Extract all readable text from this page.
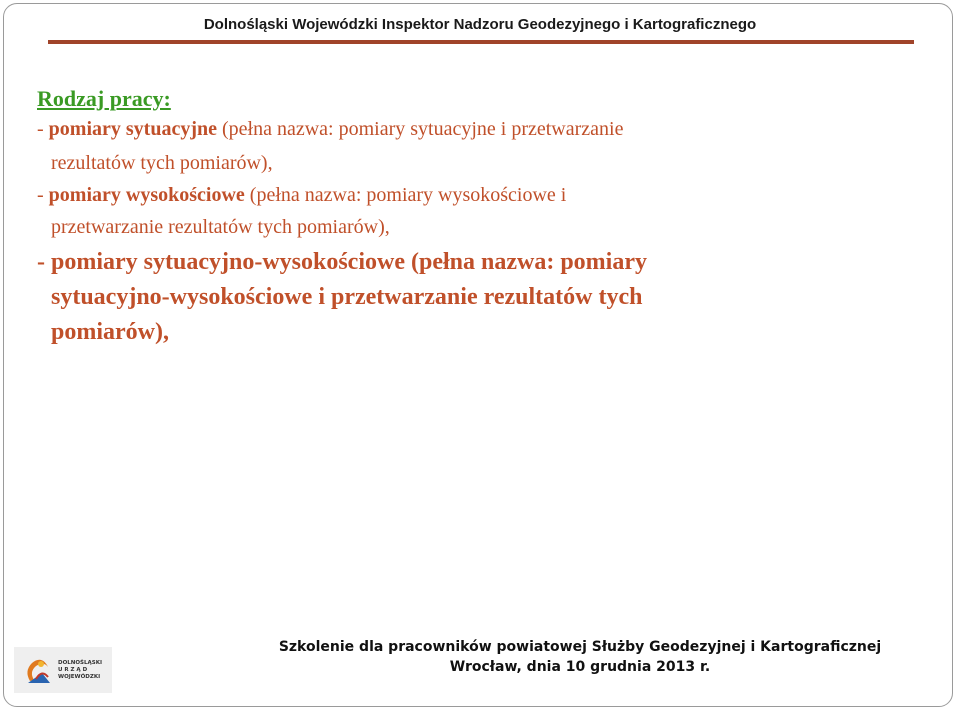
Dolnośląski Wojewódzki Inspektor Nadzoru Geodezyjnego i Kartograficznego
Rodzaj pracy:
- pomiary sytuacyjne (pełna nazwa: pomiary sytuacyjne i przetwarzanie
rezultatów tych pomiarów),
- pomiary wysokościowe (pełna nazwa: pomiary wysokościowe i
przetwarzanie rezultatów tych pomiarów),
- pomiary sytuacyjno-wysokościowe (pełna nazwa: pomiary
sytuacyjno-wysokościowe i przetwarzanie rezultatów tych
pomiarów),
Szkolenie dla pracowników powiatowej Służby Geodezyjnej i Kartograficznej
Wrocław, dnia 10 grudnia 2013 r.
DOLNOŚLĄSKI
U R Z Ą D
WOJEWÓDZKI
